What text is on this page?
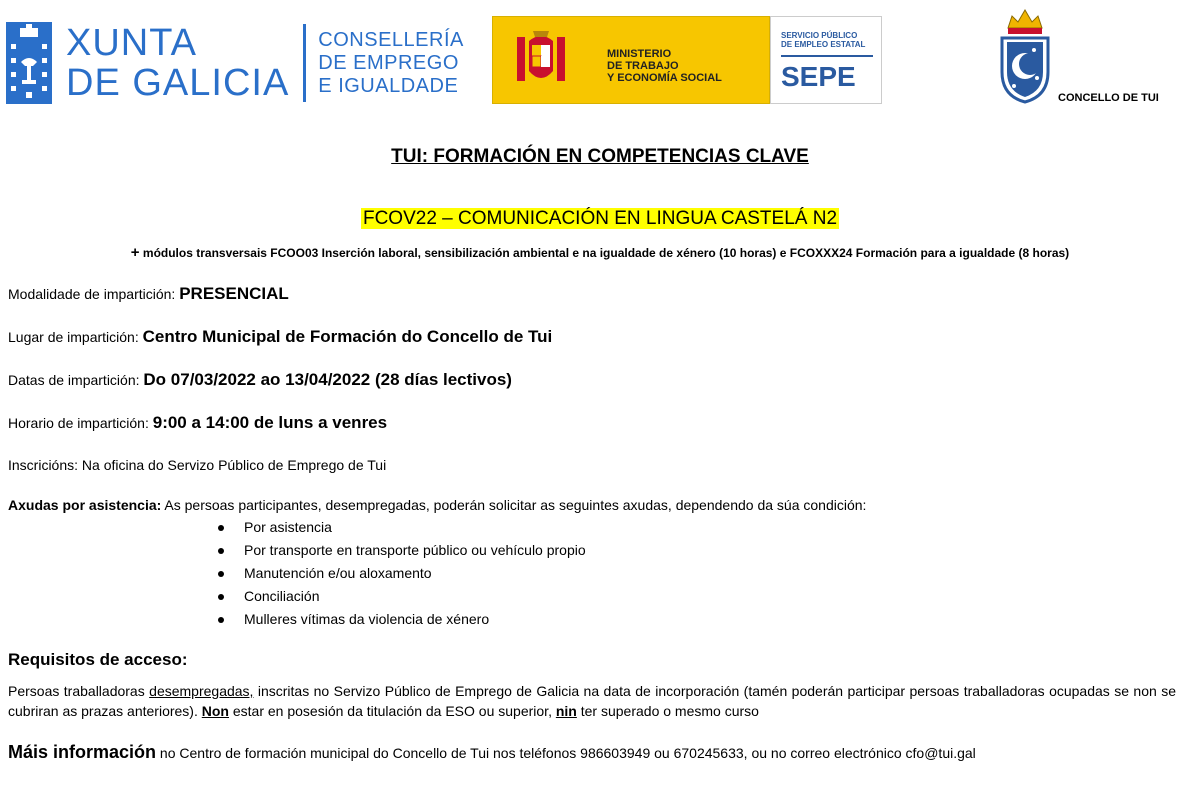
XUNTA
DE GALICIA
CONSELLERÍA
DE EMPREGO
E IGUALDADE
MINISTERIO
DE TRABAJO
Y ECONOMÍA SOCIAL
SERVICIO PÚBLICO
DE EMPLEO ESTATAL
SEPE
CONCELLO DE TUI
TUI: FORMACIÓN EN COMPETENCIAS CLAVE
FCOV22 – COMUNICACIÓN EN LINGUA CASTELÁ N2
+ módulos transversais FCOO03 Inserción laboral, sensibilización ambiental e na igualdade de xénero (10 horas) e FCOXXX24 Formación para a igualdade (8 horas)
Modalidade de impartición: PRESENCIAL
Lugar de impartición: Centro Municipal de Formación do Concello de Tui
Datas de impartición: Do 07/03/2022 ao 13/04/2022 (28 días lectivos)
Horario de impartición: 9:00 a 14:00 de luns a venres
Inscricións: Na oficina do Servizo Público de Emprego de Tui
Axudas por asistencia: As persoas participantes, desempregadas, poderán solicitar as seguintes axudas, dependendo da súa condición:
Por asistencia
Por transporte en transporte público ou vehículo propio
Manutención e/ou aloxamento
Conciliación
Mulleres vítimas da violencia de xénero
Requisitos de acceso:
Persoas traballadoras desempregadas, inscritas no Servizo Público de Emprego de Galicia na data de incorporación (tamén poderán participar persoas traballadoras ocupadas se non se cubriran as prazas anteriores). Non estar en posesión da titulación da ESO ou superior, nin ter superado o mesmo curso
Máis información no Centro de formación municipal do Concello de Tui nos teléfonos 986603949 ou 670245633, ou no correo electrónico cfo@tui.gal
